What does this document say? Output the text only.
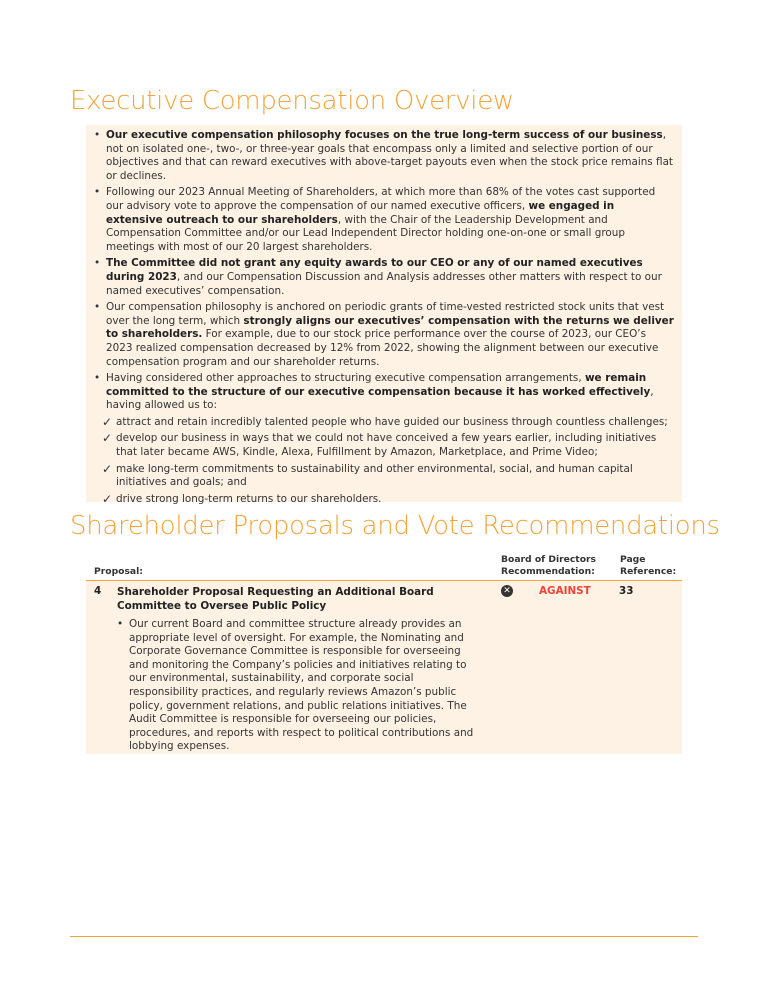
Executive Compensation Overview
• Our executive compensation philosophy focuses on the true long-term success of our business, not on isolated one-, two-, or three-year goals that encompass only a limited and selective portion of our objectives and that can reward executives with above-target payouts even when the stock price remains flat or declines.
• Following our 2023 Annual Meeting of Shareholders, at which more than 68% of the votes cast supported our advisory vote to approve the compensation of our named executive officers, we engaged in extensive outreach to our shareholders, with the Chair of the Leadership Development and Compensation Committee and/or our Lead Independent Director holding one-on-one or small group meetings with most of our 20 largest shareholders.
• The Committee did not grant any equity awards to our CEO or any of our named executives during 2023, and our Compensation Discussion and Analysis addresses other matters with respect to our named executives’ compensation.
• Our compensation philosophy is anchored on periodic grants of time-vested restricted stock units that vest over the long term, which strongly aligns our executives’ compensation with the returns we deliver to shareholders. For example, due to our stock price performance over the course of 2023, our CEO’s 2023 realized compensation decreased by 12% from 2022, showing the alignment between our executive compensation program and our shareholder returns.
• Having considered other approaches to structuring executive compensation arrangements, we remain committed to the structure of our executive compensation because it has worked effectively, having allowed us to:
✓ attract and retain incredibly talented people who have guided our business through countless challenges;
✓ develop our business in ways that we could not have conceived a few years earlier, including initiatives that later became AWS, Kindle, Alexa, Fulfillment by Amazon, Marketplace, and Prime Video;
✓ make long-term commitments to sustainability and other environmental, social, and human capital initiatives and goals; and
✓ drive strong long-term returns to our shareholders.
Shareholder Proposals and Vote Recommendations
Proposal:
Board of Directors
Recommendation:
Page
Reference:
4 Shareholder Proposal Requesting an Additional Board Committee to Oversee Public Policy
• Our current Board and committee structure already provides an appropriate level of oversight. For example, the Nominating and Corporate Governance Committee is responsible for overseeing and monitoring the Company’s policies and initiatives relating to our environmental, sustainability, and corporate social responsibility practices, and regularly reviews Amazon’s public policy, government relations, and public relations initiatives. The Audit Committee is responsible for overseeing our policies, procedures, and reports with respect to political contributions and lobbying expenses.
✕	AGAINST	33
